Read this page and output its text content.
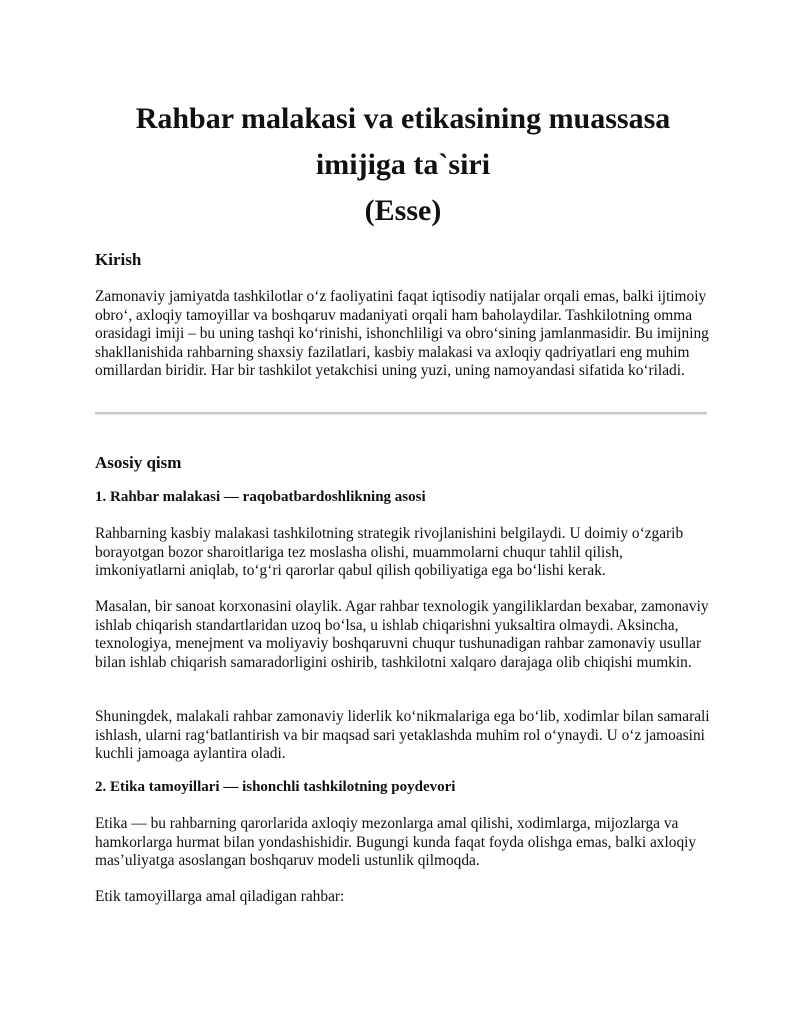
Rahbar malakasi va etikasining muassasa imijiga ta`siri
(Esse)
Kirish

Zamonaviy jamiyatda tashkilotlar o‘z faoliyatini faqat iqtisodiy natijalar orqali emas, balki ijtimoiy obro‘, axloqiy tamoyillar va boshqaruv madaniyati orqali ham baholaydilar. Tashkilotning omma orasidagi imiji – bu uning tashqi ko‘rinishi, ishonchliligi va obro‘sining jamlanmasidir. Bu imijning shakllanishida rahbarning shaxsiy fazilatlari, kasbiy malakasi va axloqiy qadriyatlari eng muhim omillardan biridir. Har bir tashkilot yetakchisi uning yuzi, uning namoyandasi sifatida ko‘riladi.

Asosiy qism
1. Rahbar malakasi — raqobatbardoshlikning asosi

Rahbarning kasbiy malakasi tashkilotning strategik rivojlanishini belgilaydi. U doimiy o‘zgarib borayotgan bozor sharoitlariga tez moslasha olishi, muammolarni chuqur tahlil qilish, imkoniyatlarni aniqlab, to‘g‘ri qarorlar qabul qilish qobiliyatiga ega bo‘lishi kerak.

Masalan, bir sanoat korxonasini olaylik. Agar rahbar texnologik yangiliklardan bexabar, zamonaviy ishlab chiqarish standartlaridan uzoq bo‘lsa, u ishlab chiqarishni yuksaltira olmaydi. Aksincha, texnologiya, menejment va moliyaviy boshqaruvni chuqur tushunadigan rahbar zamonaviy usullar bilan ishlab chiqarish samaradorligini oshirib, tashkilotni xalqaro darajaga olib chiqishi mumkin.

Shuningdek, malakali rahbar zamonaviy liderlik ko‘nikmalariga ega bo‘lib, xodimlar bilan samarali ishlash, ularni rag‘batlantirish va bir maqsad sari yetaklashda muhim rol o‘ynaydi. U o‘z jamoasini kuchli jamoaga aylantira oladi.

2. Etika tamoyillari — ishonchli tashkilotning poydevori

Etika — bu rahbarning qarorlarida axloqiy mezonlarga amal qilishi, xodimlarga, mijozlarga va hamkorlarga hurmat bilan yondashishidir. Bugungi kunda faqat foyda olishga emas, balki axloqiy mas’uliyatga asoslangan boshqaruv modeli ustunlik qilmoqda.

Etik tamoyillarga amal qiladigan rahbar:
